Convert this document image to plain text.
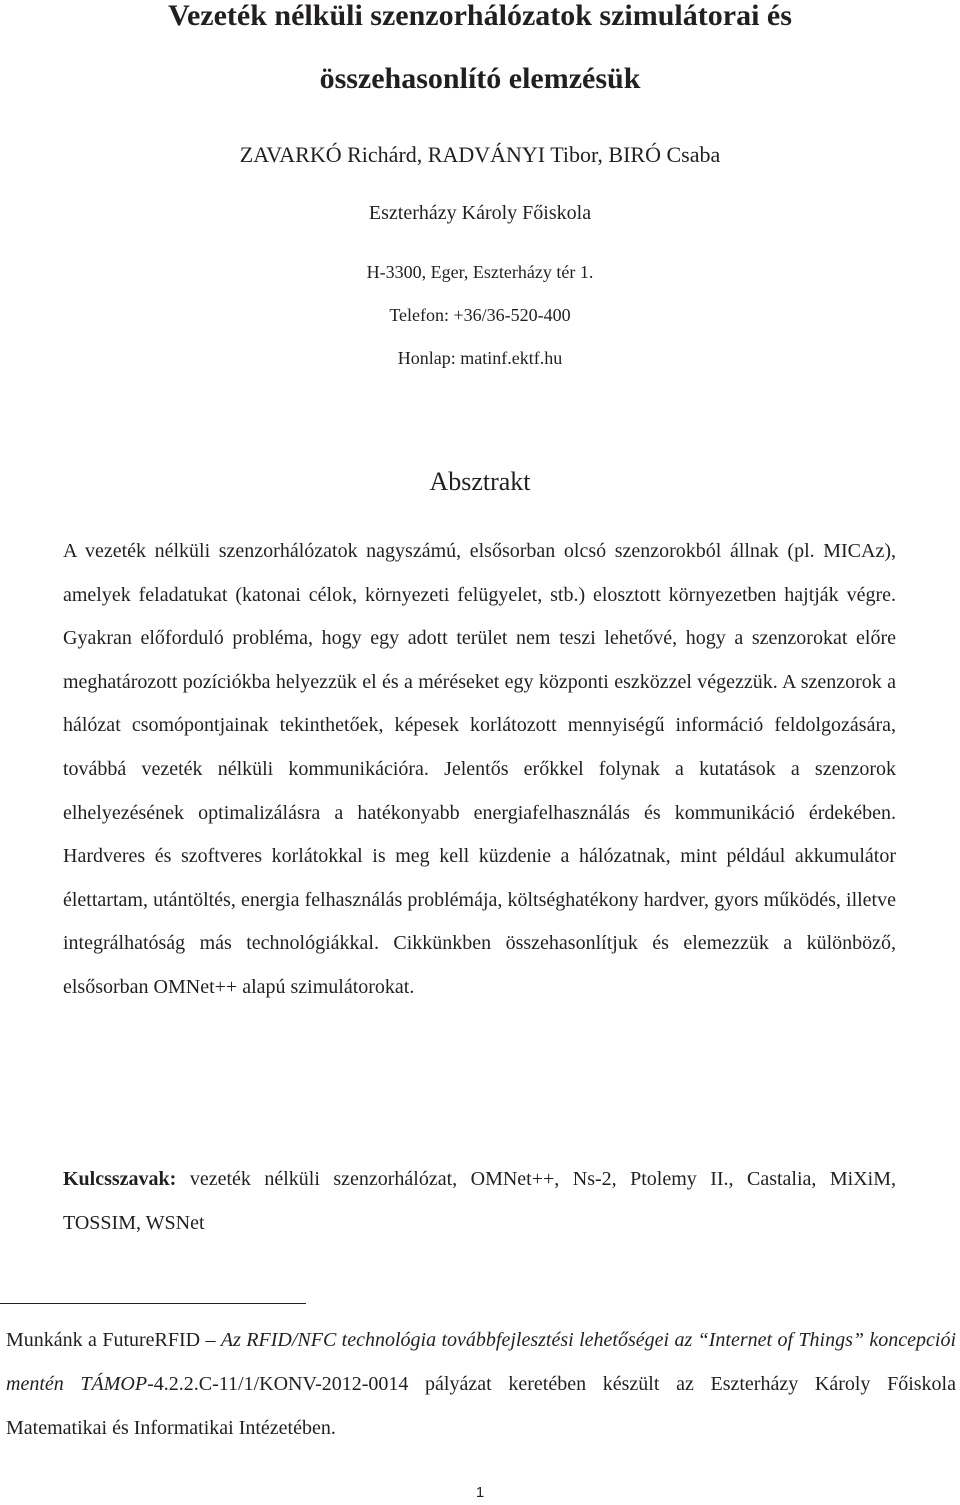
Vezeték nélküli szenzorhálózatok szimulátorai és
összehasonlító elemzésük

ZAVARKÓ Richárd, RADVÁNYI Tibor, BIRÓ Csaba

Eszterházy Károly Főiskola

H-3300, Eger, Eszterházy tér 1.

Telefon: +36/36-520-400

Honlap: matinf.ektf.hu

Absztrakt

A vezeték nélküli szenzorhálózatok nagyszámú, elsősorban olcsó szenzorokból állnak (pl. MICAz), amelyek feladatukat (katonai célok, környezeti felügyelet, stb.) elosztott környezetben hajtják végre. Gyakran előforduló probléma, hogy egy adott terület nem teszi lehetővé, hogy a szenzorokat előre meghatározott pozíciókba helyezzük el és a méréseket egy központi eszközzel végezzük. A szenzorok a hálózat csomópontjainak tekinthetőek, képesek korlátozott mennyiségű információ feldolgozására, továbbá vezeték nélküli kommunikációra. Jelentős erőkkel folynak a kutatások a szenzorok elhelyezésének optimalizálásra a hatékonyabb energiafelhasználás és kommunikáció érdekében. Hardveres és szoftveres korlátokkal is meg kell küzdenie a hálózatnak, mint például akkumulátor élettartam, utántöltés, energia felhasználás problémája, költséghatékony hardver, gyors működés, illetve integrálhatóság más technológiákkal. Cikkünkben összehasonlítjuk és elemezzük a különböző, elsősorban OMNet++ alapú szimulátorokat.

Kulcsszavak: vezeték nélküli szenzorhálózat, OMNet++, Ns-2, Ptolemy II., Castalia, MiXiM, TOSSIM, WSNet

Munkánk a FutureRFID – Az RFID/NFC technológia továbbfejlesztési lehetőségei az “Internet of Things” koncepciói mentén TÁMOP-4.2.2.C-11/1/KONV-2012-0014 pályázat keretében készült az Eszterházy Károly Főiskola Matematikai és Informatikai Intézetében.

1
